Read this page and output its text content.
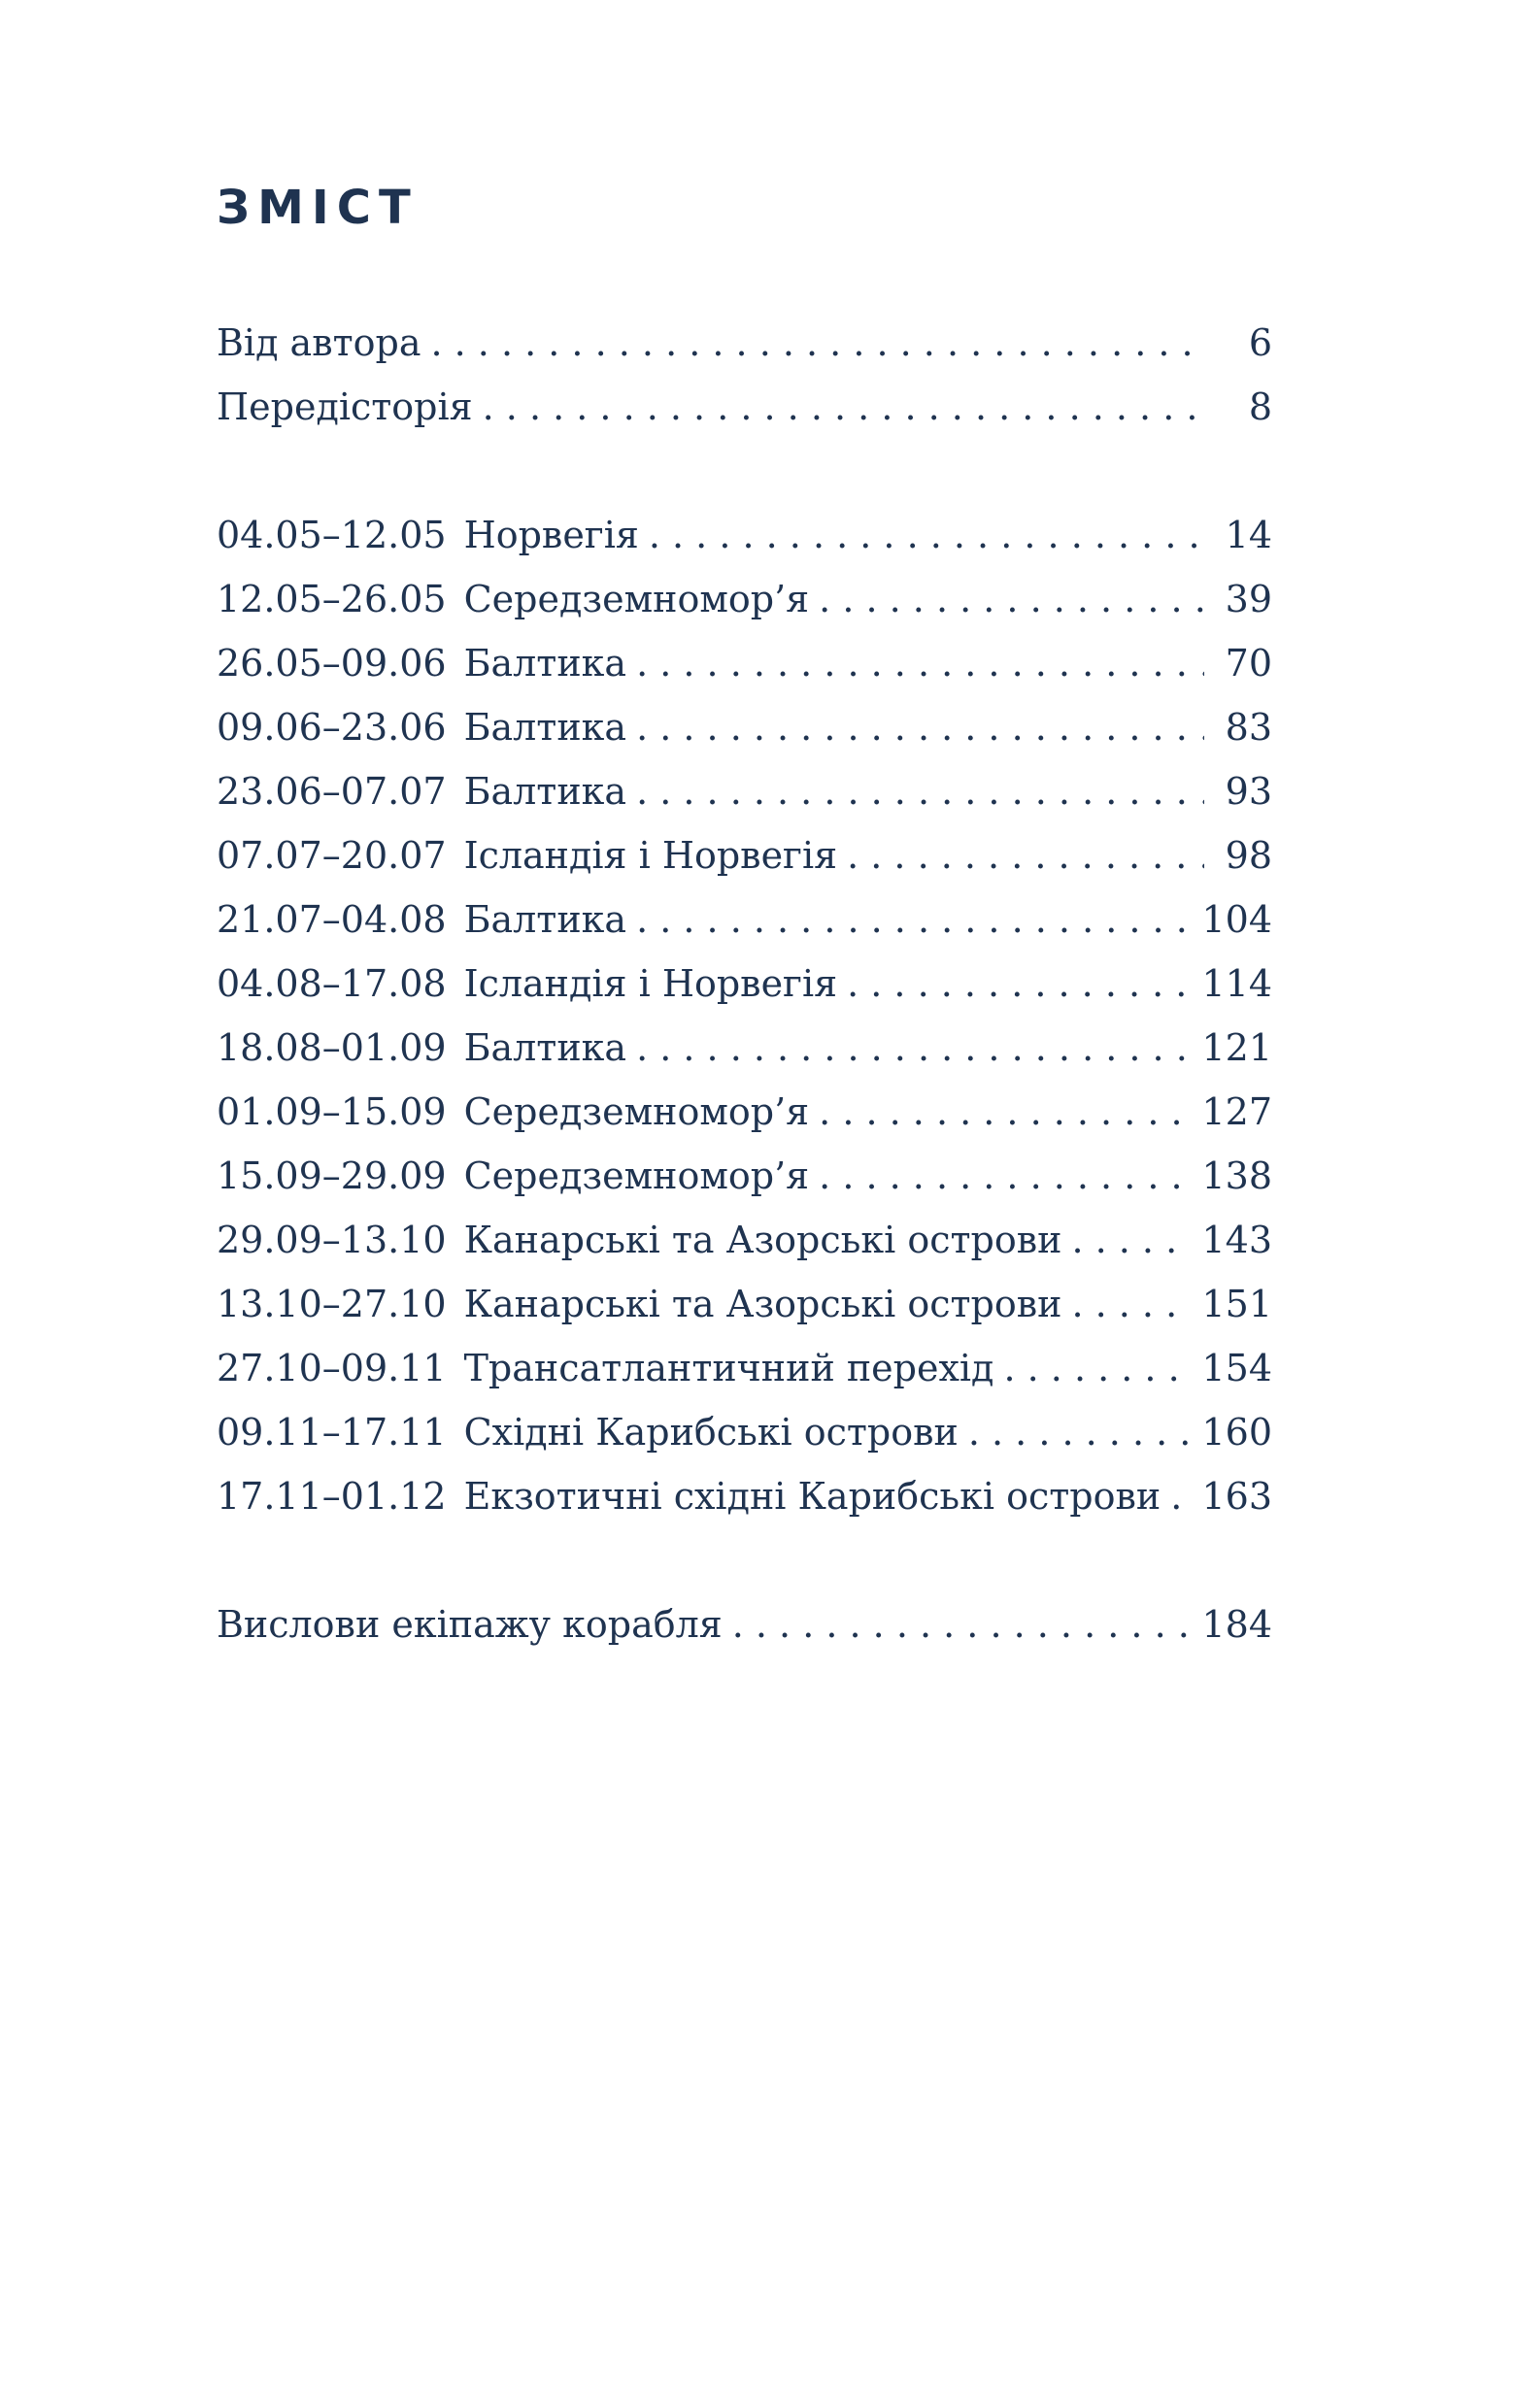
ЗМІСТ
Від автора . . .	6
Передісторія . . .	8
04.05–12.05 Норвегія . . .	14
12.05–26.05 Середземномор’я . . .	39
26.05–09.06 Балтика . . .	70
09.06–23.06 Балтика . . .	83
23.06–07.07 Балтика . . .	93
07.07–20.07 Ісландія і Норвегія . . .	98
21.07–04.08 Балтика . . .	104
04.08–17.08 Ісландія і Норвегія . . .	114
18.08–01.09 Балтика . . .	121
01.09–15.09 Середземномор’я . . .	127
15.09–29.09 Середземномор’я . . .	138
29.09–13.10 Канарські та Азорські острови . . .	143
13.10–27.10 Канарські та Азорські острови . . .	151
27.10–09.11 Трансатлантичний перехід . . .	154
09.11–17.11 Східні Карибські острови . . .	160
17.11–01.12 Екзотичні східні Карибські острови . . . 163
Вислови екіпажу корабля . . .	184
